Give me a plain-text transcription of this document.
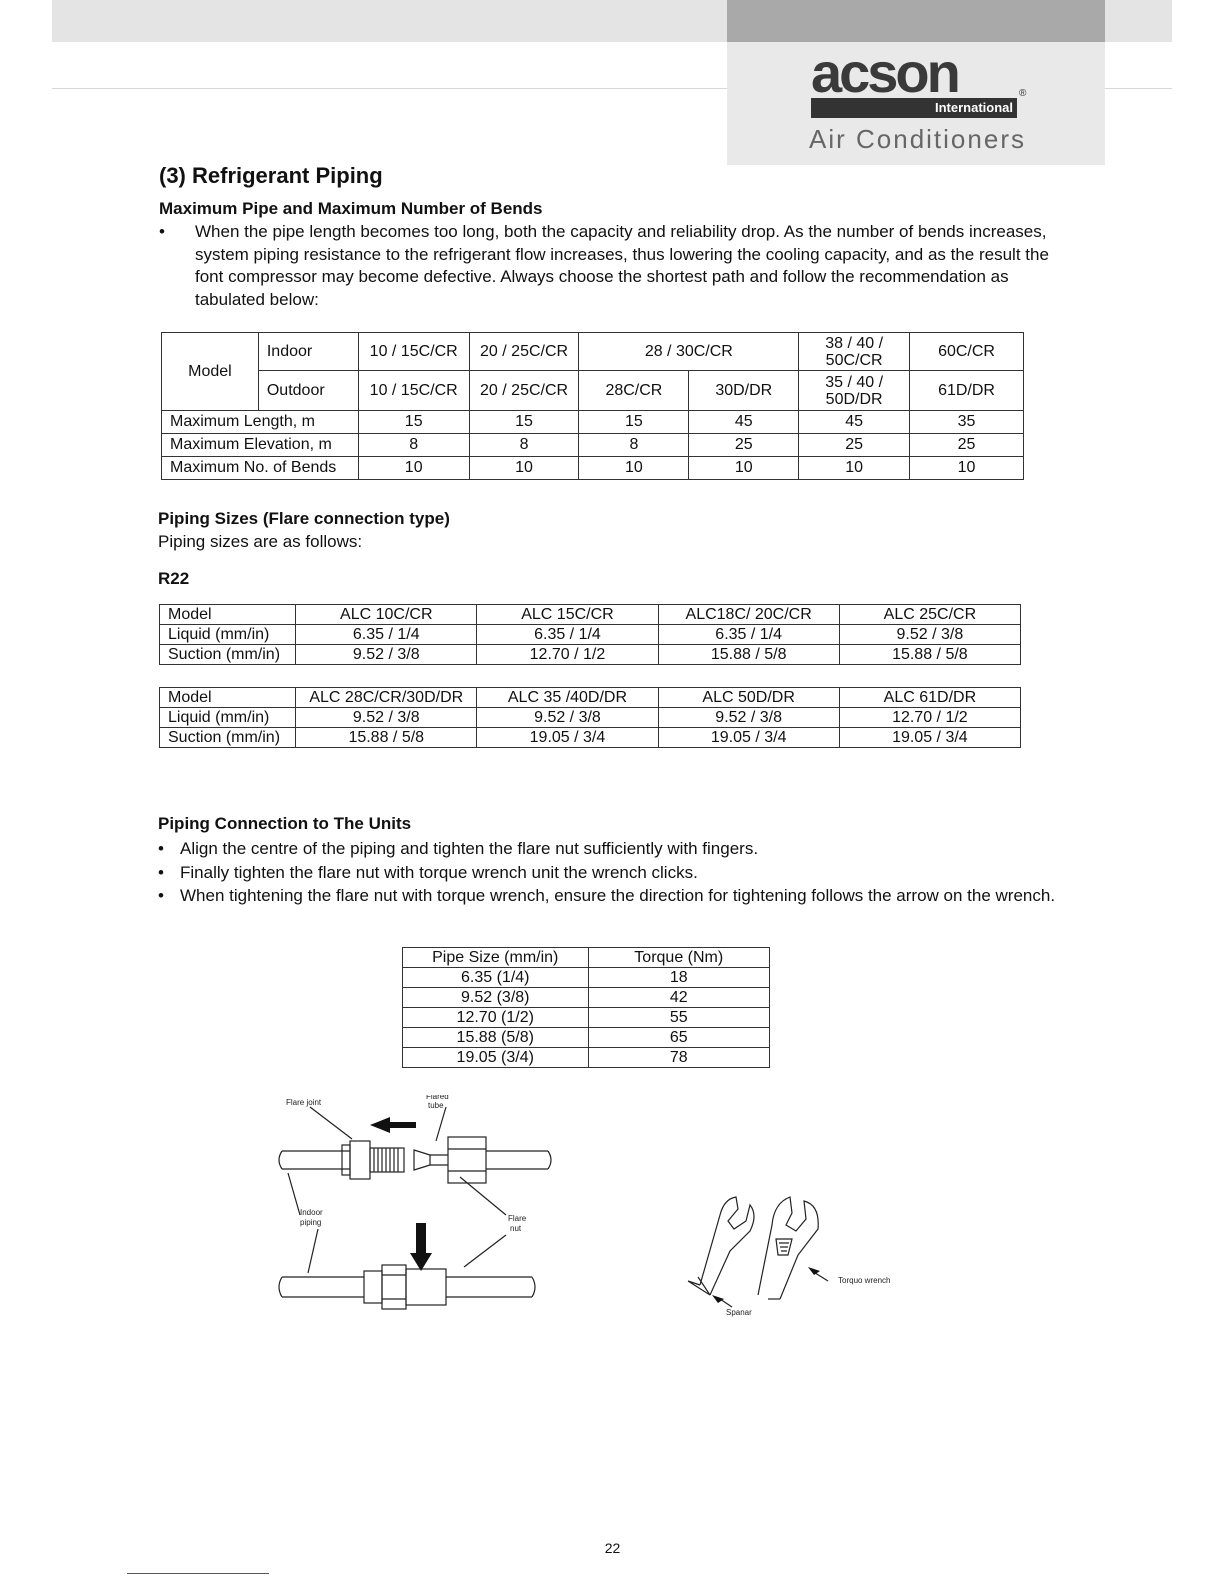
acson
International
®
Air Conditioners
(3) Refrigerant Piping
Maximum Pipe and Maximum Number of Bends
• When the pipe length becomes too long, both the capacity and reliability drop. As the number of bends increases, system piping resistance to the refrigerant flow increases, thus lowering the cooling capacity, and as the result the font compressor may become defective. Always choose the shortest path and follow the recommendation as tabulated below:
Model	Indoor	10 / 15C/CR	20 / 25C/CR	28 / 30C/CR		38 / 40 /
50C/CR	60C/CR
	Outdoor	10 / 15C/CR	20 / 25C/CR	28C/CR	30D/DR	35 / 40 /
50D/DR	61D/DR
Maximum Length, m		15	15	15	45	45	35
Maximum Elevation, m		8	8	8	25	25	25
Maximum No. of Bends		10	10	10	10	10	10
Piping Sizes (Flare connection type)
Piping sizes are as follows:
R22
Model	ALC 10C/CR	ALC 15C/CR	ALC18C/ 20C/CR	ALC 25C/CR
Liquid (mm/in)	6.35 / 1/4	6.35 / 1/4	6.35 / 1/4	9.52 / 3/8
Suction (mm/in)	9.52 / 3/8	12.70 / 1/2	15.88 / 5/8	15.88 / 5/8
Model	ALC 28C/CR/30D/DR	ALC 35 /40D/DR	ALC 50D/DR	ALC 61D/DR
Liquid (mm/in)	9.52 / 3/8	9.52 / 3/8	9.52 / 3/8	12.70 / 1/2
Suction (mm/in)	15.88 / 5/8	19.05 / 3/4	19.05 / 3/4	19.05 / 3/4
Piping Connection to The Units
• Align the centre of the piping and tighten the flare nut sufficiently with fingers.
• Finally tighten the flare nut with torque wrench unit the wrench clicks.
• When tightening the flare nut with torque wrench, ensure the direction for tightening follows the arrow on the wrench.
Pipe Size (mm/in)	Torque (Nm)
6.35 (1/4)	18
9.52 (3/8)	42
12.70 (1/2)	55
15.88 (5/8)	65
19.05 (3/4)	78
Flare joint
Flared
tube
Indoor
piping	Flare
nut
Spanar
Torquo wrench
22
